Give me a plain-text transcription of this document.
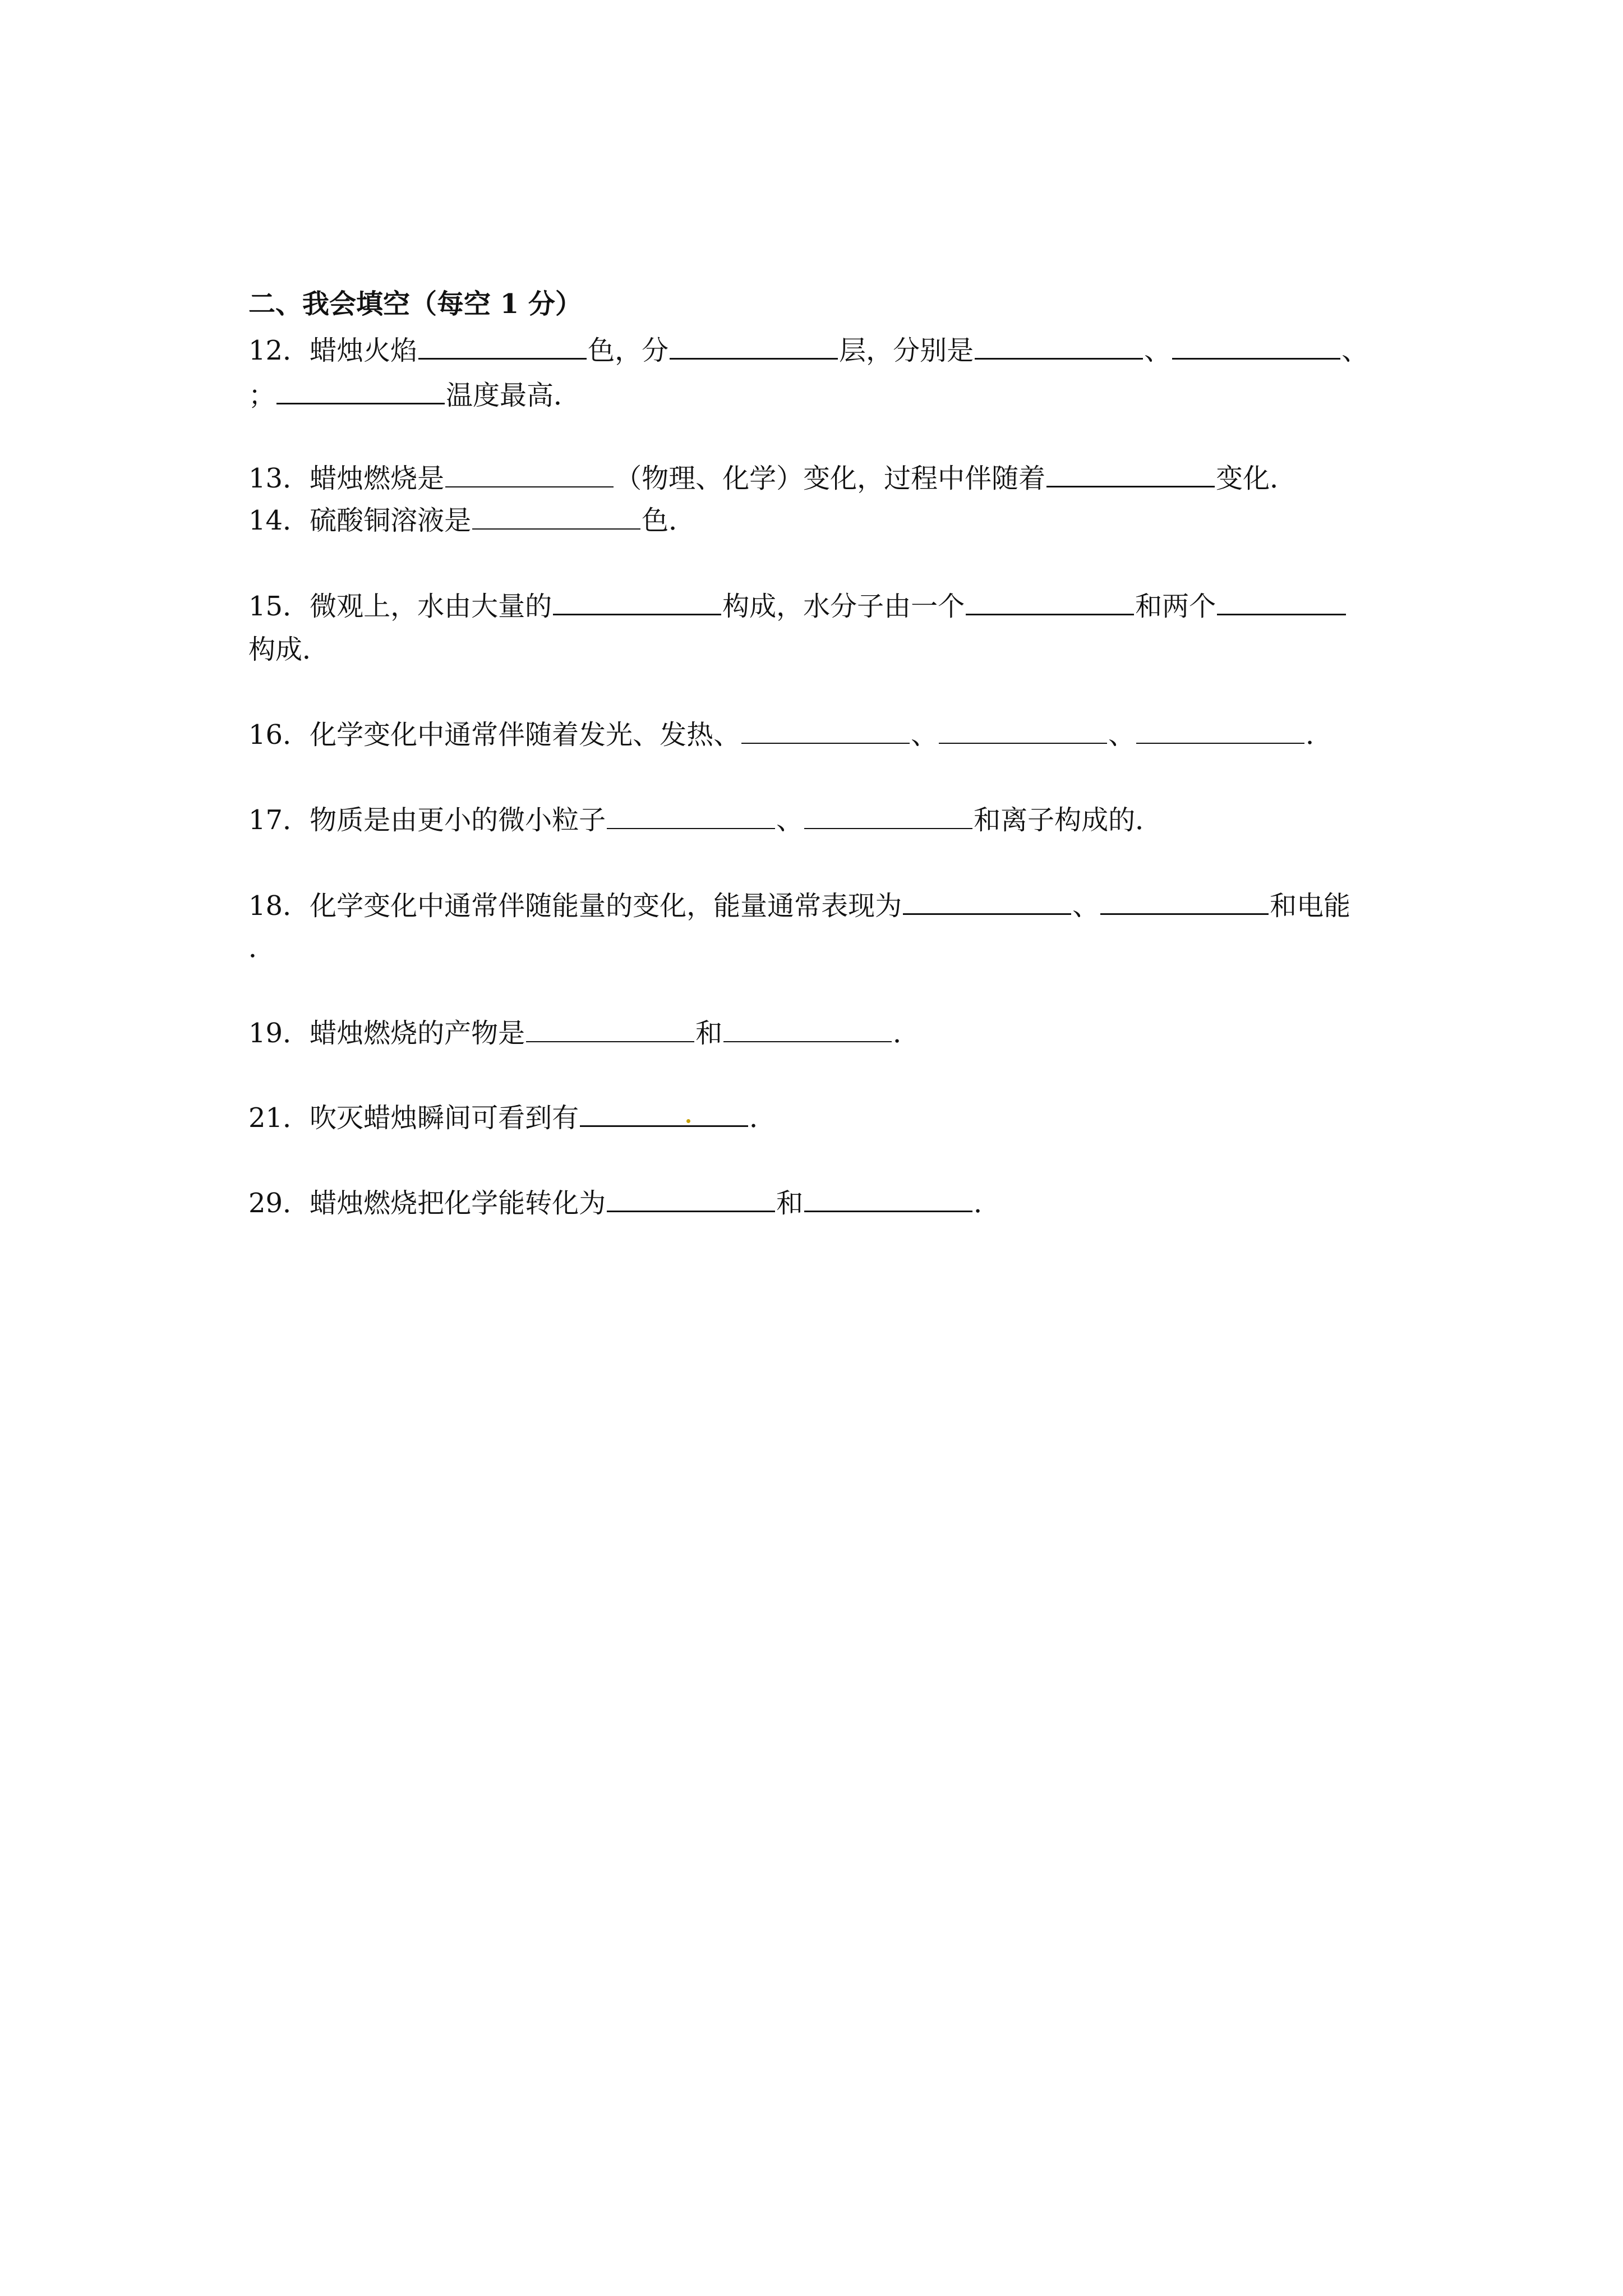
二、我会填空（每空 1 分）
12．蜡烛火焰	色，分	层，分别是	、	、
；	温度最高．
13．蜡烛燃烧是	（物理、化学）变化，过程中伴随着	变化．
14．硫酸铜溶液是	色．
15．微观上，水由大量的	构成，水分子由一个	和两个
构成．
16．化学变化中通常伴随着发光、发热、	、	、	．
17．物质是由更小的微小粒子	、	和离子构成的．
18．化学变化中通常伴随能量的变化，能量通常表现为	、	和电能
．
19．蜡烛燃烧的产物是	和	．
21．吹灭蜡烛瞬间可看到有	．
29．蜡烛燃烧把化学能转化为	和	．
